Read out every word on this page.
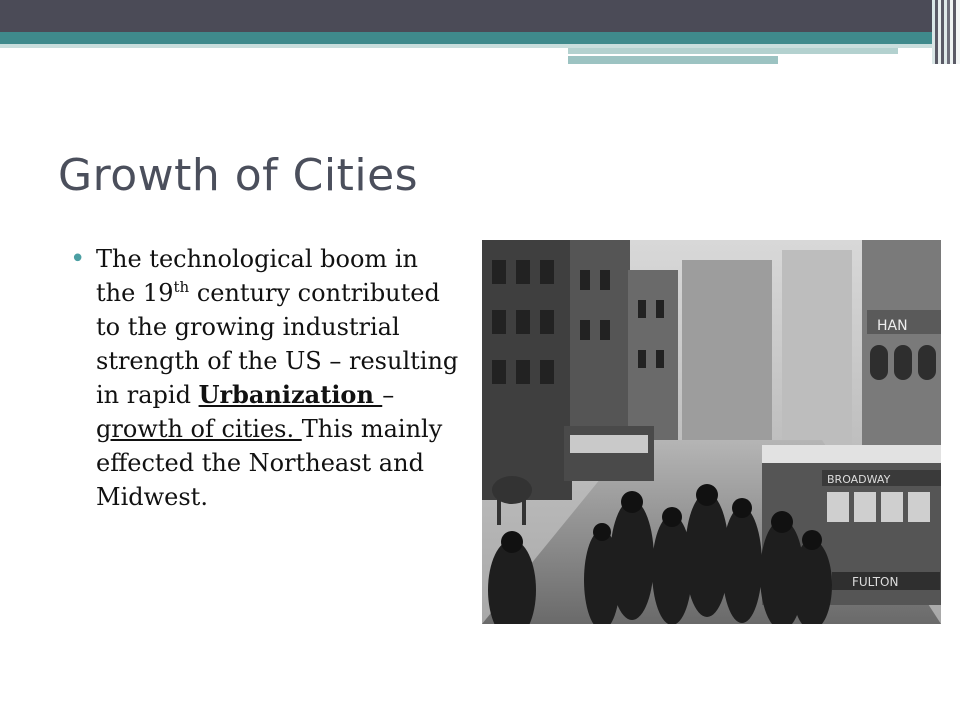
Growth of Cities
• The technological boom in the 19th century contributed to the growing industrial strength of the US – resulting in rapid Urbanization – growth of cities. This mainly effected the Northeast and Midwest.

HAN
BROADWAY
FULTON
